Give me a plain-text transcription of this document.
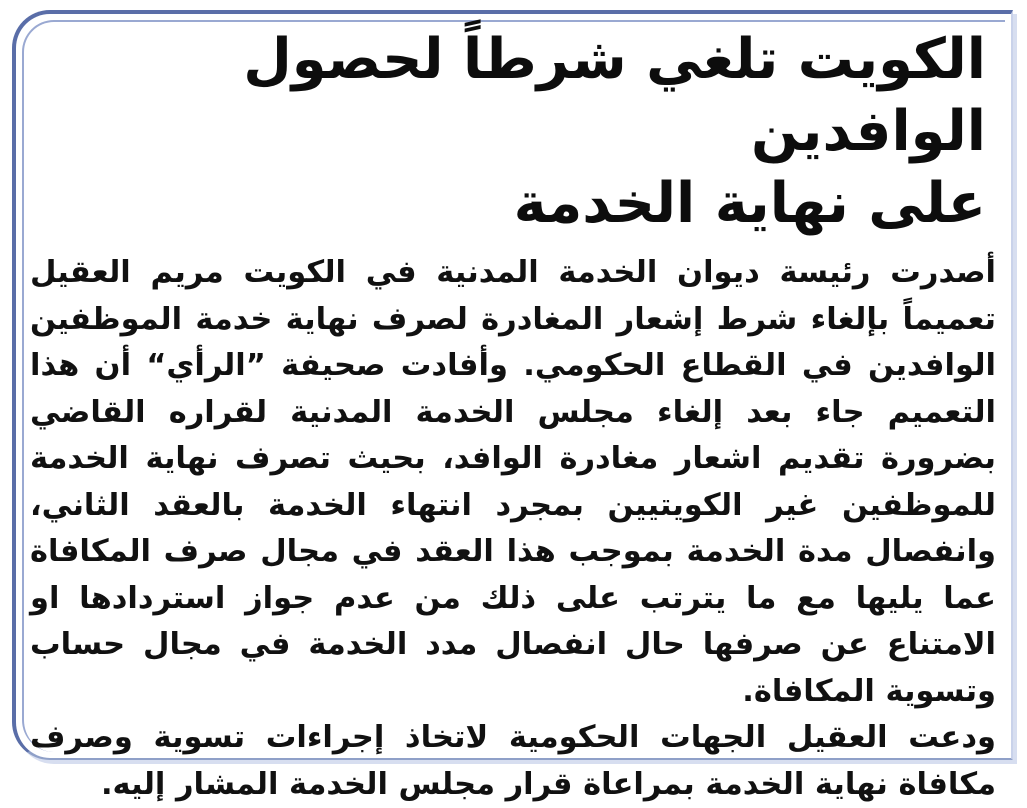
الكويت تلغي شرطاً لحصول الوافدين
على نهاية الخدمة

أصدرت رئيسة ديوان الخدمة المدنية في الكويت مريم العقيل تعميماً بإلغاء شرط إشعار المغادرة لصرف نهاية خدمة الموظفين الوافدين في القطاع الحكومي. وأفادت صحيفة ”الرأي“ أن هذا التعميم جاء بعد إلغاء مجلس الخدمة المدنية لقراره القاضي بضرورة تقديم اشعار مغادرة الوافد، بحيث تصرف نهاية الخدمة للموظفين غير الكويتيين بمجرد انتهاء الخدمة بالعقد الثاني، وانفصال مدة الخدمة بموجب هذا العقد في مجال صرف المكافاة عما يليها مع ما يترتب على ذلك من عدم جواز استردادها او الامتناع عن صرفها حال انفصال مدد الخدمة في مجال حساب وتسوية المكافاة.

ودعت العقيل الجهات الحكومية لاتخاذ إجراءات تسوية وصرف مكافاة نهاية الخدمة بمراعاة قرار مجلس الخدمة المشار إليه.
